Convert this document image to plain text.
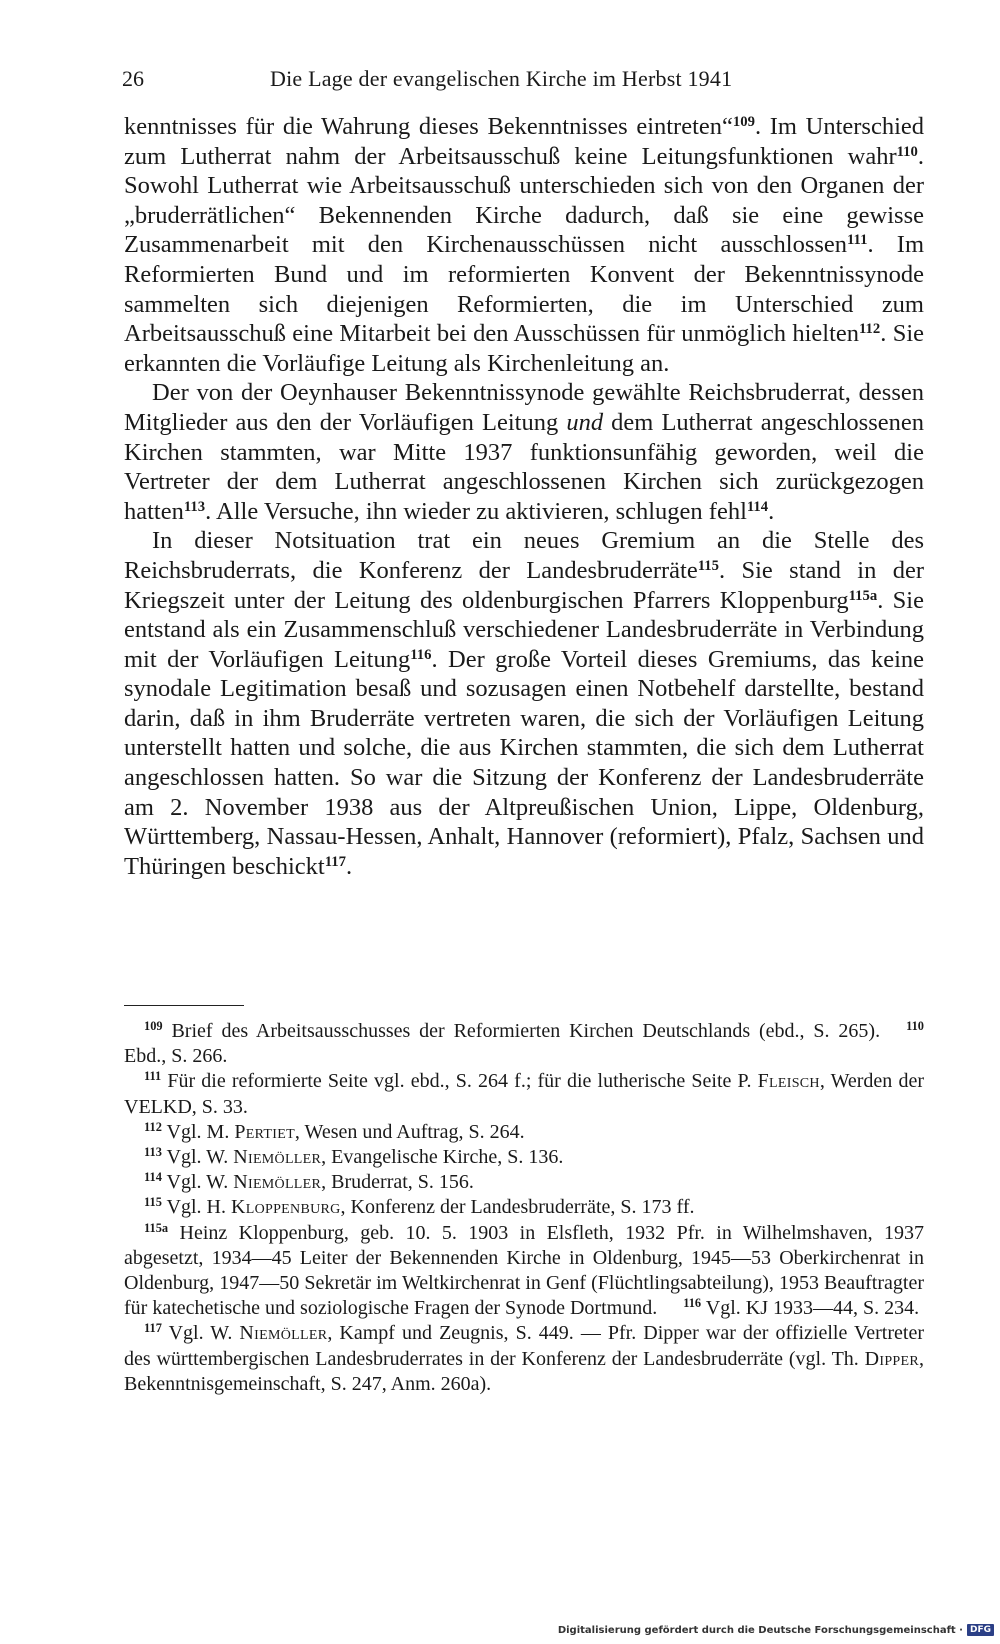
26	Die Lage der evangelischen Kirche im Herbst 1941

kenntnisses für die Wahrung dieses Bekenntnisses eintreten“$^{109}$. Im Unterschied zum Lutherrat nahm der Arbeitsausschuß keine Leitungsfunktionen wahr$^{110}$. Sowohl Lutherrat wie Arbeitsausschuß unterschieden sich von den Organen der „bruderrätlichen“ Bekennenden Kirche dadurch, daß sie eine gewisse Zusammenarbeit mit den Kirchenausschüssen nicht ausschlossen$^{111}$. Im Reformierten Bund und im reformierten Konvent der Bekenntnissynode sammelten sich diejenigen Reformierten, die im Unterschied zum Arbeitsausschuß eine Mitarbeit bei den Ausschüssen für unmöglich hielten$^{112}$. Sie erkannten die Vorläufige Leitung als Kirchenleitung an.

Der von der Oeynhauser Bekenntnissynode gewählte Reichsbruderrat, dessen Mitglieder aus den der Vorläufigen Leitung und dem Lutherrat angeschlossenen Kirchen stammten, war Mitte 1937 funktionsunfähig geworden, weil die Vertreter der dem Lutherrat angeschlossenen Kirchen sich zurückgezogen hatten$^{113}$. Alle Versuche, ihn wieder zu aktivieren, schlugen fehl$^{114}$.

In dieser Notsituation trat ein neues Gremium an die Stelle des Reichsbruderrats, die Konferenz der Landesbruderräte$^{115}$. Sie stand in der Kriegszeit unter der Leitung des oldenburgischen Pfarrers Kloppenburg$^{115a}$. Sie entstand als ein Zusammenschluß verschiedener Landesbruderräte in Verbindung mit der Vorläufigen Leitung$^{116}$. Der große Vorteil dieses Gremiums, das keine synodale Legitimation besaß und sozusagen einen Notbehelf darstellte, bestand darin, daß in ihm Bruderräte vertreten waren, die sich der Vorläufigen Leitung unterstellt hatten und solche, die aus Kirchen stammten, die sich dem Lutherrat angeschlossen hatten. So war die Sitzung der Konferenz der Landesbruderräte am 2. November 1938 aus der Altpreußischen Union, Lippe, Oldenburg, Württemberg, Nassau-Hessen, Anhalt, Hannover (reformiert), Pfalz, Sachsen und Thüringen beschickt$^{117}$.

$^{109}$ Brief des Arbeitsausschusses der Reformierten Kirchen Deutschlands (ebd., S. 265). $^{110}$ Ebd., S. 266.

$^{111}$ Für die reformierte Seite vgl. ebd., S. 264 f.; für die lutherische Seite P. Fleisch, Werden der VELKD, S. 33.

$^{112}$ Vgl. M. Pertiet, Wesen und Auftrag, S. 264.

$^{113}$ Vgl. W. Niemöller, Evangelische Kirche, S. 136.

$^{114}$ Vgl. W. Niemöller, Bruderrat, S. 156.

$^{115}$ Vgl. H. Kloppenburg, Konferenz der Landesbruderräte, S. 173 ff.

$^{115a}$ Heinz Kloppenburg, geb. 10. 5. 1903 in Elsfleth, 1932 Pfr. in Wilhelmshaven, 1937 abgesetzt, 1934—45 Leiter der Bekennenden Kirche in Oldenburg, 1945—53 Oberkirchenrat in Oldenburg, 1947—50 Sekretär im Weltkirchenrat in Genf (Flüchtlingsabteilung), 1953 Beauftragter für katechetische und soziologische Fragen der Synode Dortmund. $^{116}$ Vgl. KJ 1933—44, S. 234.

$^{117}$ Vgl. W. Niemöller, Kampf und Zeugnis, S. 449. — Pfr. Dipper war der offizielle Vertreter des württembergischen Landesbruderrates in der Konferenz der Landesbruderräte (vgl. Th. Dipper, Bekenntnisgemeinschaft, S. 247, Anm. 260a).

Digitalisierung gefördert durch die Deutsche Forschungsgemeinschaft · DFG
